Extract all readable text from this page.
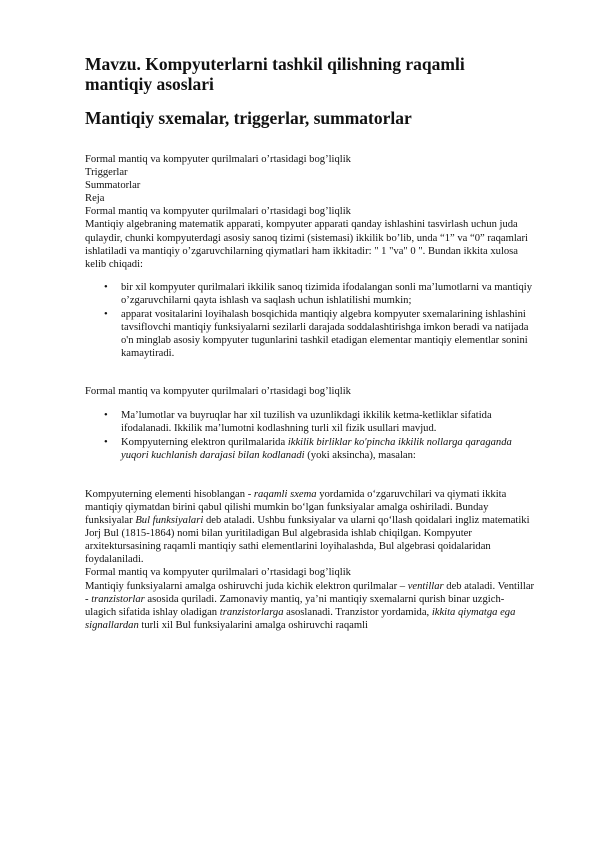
Mavzu. Kompyuterlarni tashkil qilishning raqamli mantiqiy asoslari
Mantiqiy sxemalar, triggerlar, summatorlar

Formal mantiq va kompyuter qurilmalari o’rtasidagi bog’liqlik

Triggerlar

Summatorlar

Reja

Formal mantiq va kompyuter qurilmalari o’rtasidagi bog’liqlik

Mantiqiy algebraning matematik apparati, kompyuter apparati qanday ishlashini tasvirlash uchun juda qulaydir, chunki kompyuterdagi asosiy sanoq tizimi (sistemasi) ikkilik bo’lib, unda “1” va “0” raqamlari ishlatiladi va mantiqiy o’zgaruvchilarning qiymatlari ham ikkitadir: " 1 "va" 0 ". Bundan ikkita xulosa kelib chiqadi:

• bir xil kompyuter qurilmalari ikkilik sanoq tizimida ifodalangan sonli ma’lumotlarni va mantiqiy o’zgaruvchilarni qayta ishlash va saqlash uchun ishlatilishi mumkin;
• apparat vositalarini loyihalash bosqichida mantiqiy algebra kompyuter sxemalarining ishlashini tavsiflovchi mantiqiy funksiyalarni sezilarli darajada soddalashtirishga imkon beradi va natijada o'n minglab asosiy kompyuter tugunlarini tashkil etadigan elementar mantiqiy elementlar sonini kamaytiradi.

Formal mantiq va kompyuter qurilmalari o’rtasidagi bog’liqlik

• Ma’lumotlar va buyruqlar har xil tuzilish va uzunlikdagi ikkilik ketma-ketliklar sifatida ifodalanadi. Ikkilik ma’lumotni kodlashning turli xil fizik usullari mavjud.
• Kompyuterning elektron qurilmalarida ikkilik birliklar ko'pincha ikkilik nollarga qaraganda yuqori kuchlanish darajasi bilan kodlanadi (yoki aksincha), masalan:

Kompyuterning elementi hisoblangan - raqamli sxema yordamida o‘zgaruvchilari va qiymati ikkita mantiqiy qiymatdan birini qabul qilishi mumkin bo‘lgan funksiyalar amalga oshiriladi. Bunday funksiyalar Bul funksiyalari deb ataladi. Ushbu funksiyalar va ularni qo‘llash qoidalari ingliz matematiki Jorj Bul (1815-1864) nomi bilan yuritiladigan Bul algebrasida ishlab chiqilgan. Kompyuter arxitektursasining raqamli mantiqiy sathi elementlarini loyihalashda, Bul algebrasi qoidalaridan foydalaniladi.

Formal mantiq va kompyuter qurilmalari o’rtasidagi bog’liqlik

Mantiqiy funksiyalarni amalga oshiruvchi juda kichik elektron qurilmalar – ventillar deb ataladi. Ventillar - tranzistorlar asosida quriladi. Zamonaviy mantiq, ya’ni mantiqiy sxemalarni qurish binar uzgich-ulagich sifatida ishlay oladigan tranzistorlarga asoslanadi. Tranzistor yordamida, ikkita qiymatga ega signallardan turli xil Bul funksiyalarini amalga oshiruvchi raqamli
